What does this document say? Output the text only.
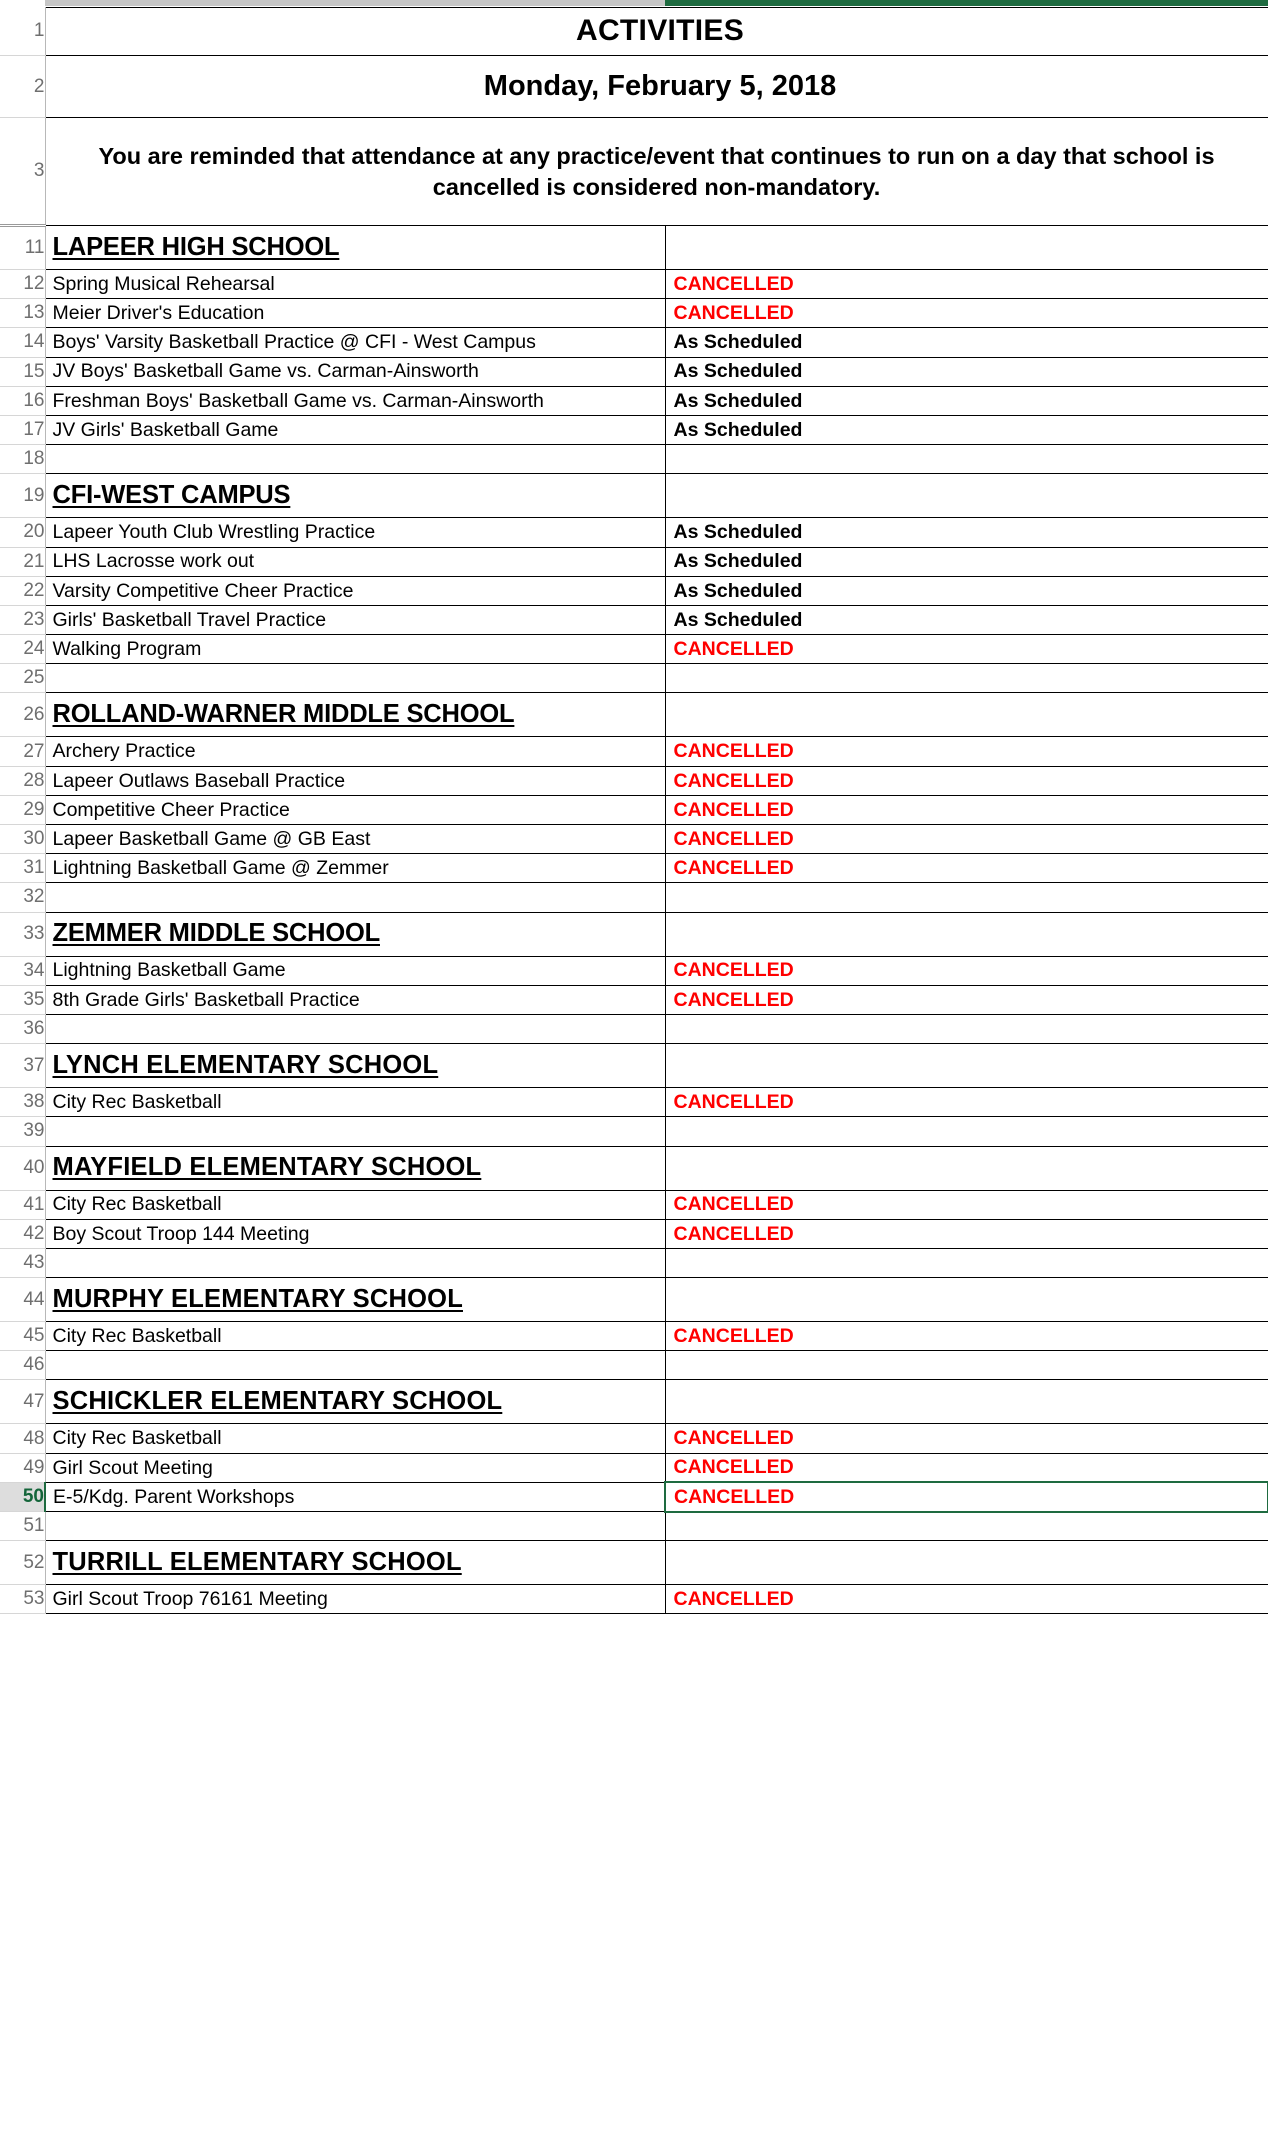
1	ACTIVITIES	

2	Monday, February 5, 2018	

3	You are reminded that attendance at any practice/event that continues to run on a day that school is cancelled is considered non-mandatory.	

11	LAPEER HIGH SCHOOL	

12	Spring Musical Rehearsal	CANCELLED

13	Meier Driver's Education	CANCELLED

14	Boys' Varsity Basketball Practice @ CFI - West Campus	As Scheduled

15	JV Boys' Basketball Game vs. Carman-Ainsworth	As Scheduled

16	Freshman Boys' Basketball Game vs. Carman-Ainsworth	As Scheduled

17	JV Girls' Basketball Game	As Scheduled

18	

19	CFI-WEST CAMPUS	

20	Lapeer Youth Club Wrestling Practice	As Scheduled

21	LHS Lacrosse work out	As Scheduled

22	Varsity Competitive Cheer Practice	As Scheduled

23	Girls' Basketball Travel Practice	As Scheduled

24	Walking Program	CANCELLED

25	

26	ROLLAND-WARNER MIDDLE SCHOOL	

27	Archery Practice	CANCELLED

28	Lapeer Outlaws Baseball Practice	CANCELLED

29	Competitive Cheer Practice	CANCELLED

30	Lapeer Basketball Game @ GB East	CANCELLED

31	Lightning Basketball Game @ Zemmer	CANCELLED

32	

33	ZEMMER MIDDLE SCHOOL	

34	Lightning Basketball Game	CANCELLED

35	8th Grade Girls' Basketball Practice	CANCELLED

36	

37	LYNCH ELEMENTARY SCHOOL	

38	City Rec Basketball	CANCELLED

39	

40	MAYFIELD ELEMENTARY SCHOOL	

41	City Rec Basketball	CANCELLED

42	Boy Scout Troop 144 Meeting	CANCELLED

43	

44	MURPHY ELEMENTARY SCHOOL	

45	City Rec Basketball	CANCELLED

46	

47	SCHICKLER ELEMENTARY SCHOOL	

48	City Rec Basketball	CANCELLED

49	Girl Scout Meeting	CANCELLED

50	E-5/Kdg. Parent Workshops	CANCELLED

51	

52	TURRILL ELEMENTARY SCHOOL	

53	Girl Scout Troop 76161 Meeting	CANCELLED
